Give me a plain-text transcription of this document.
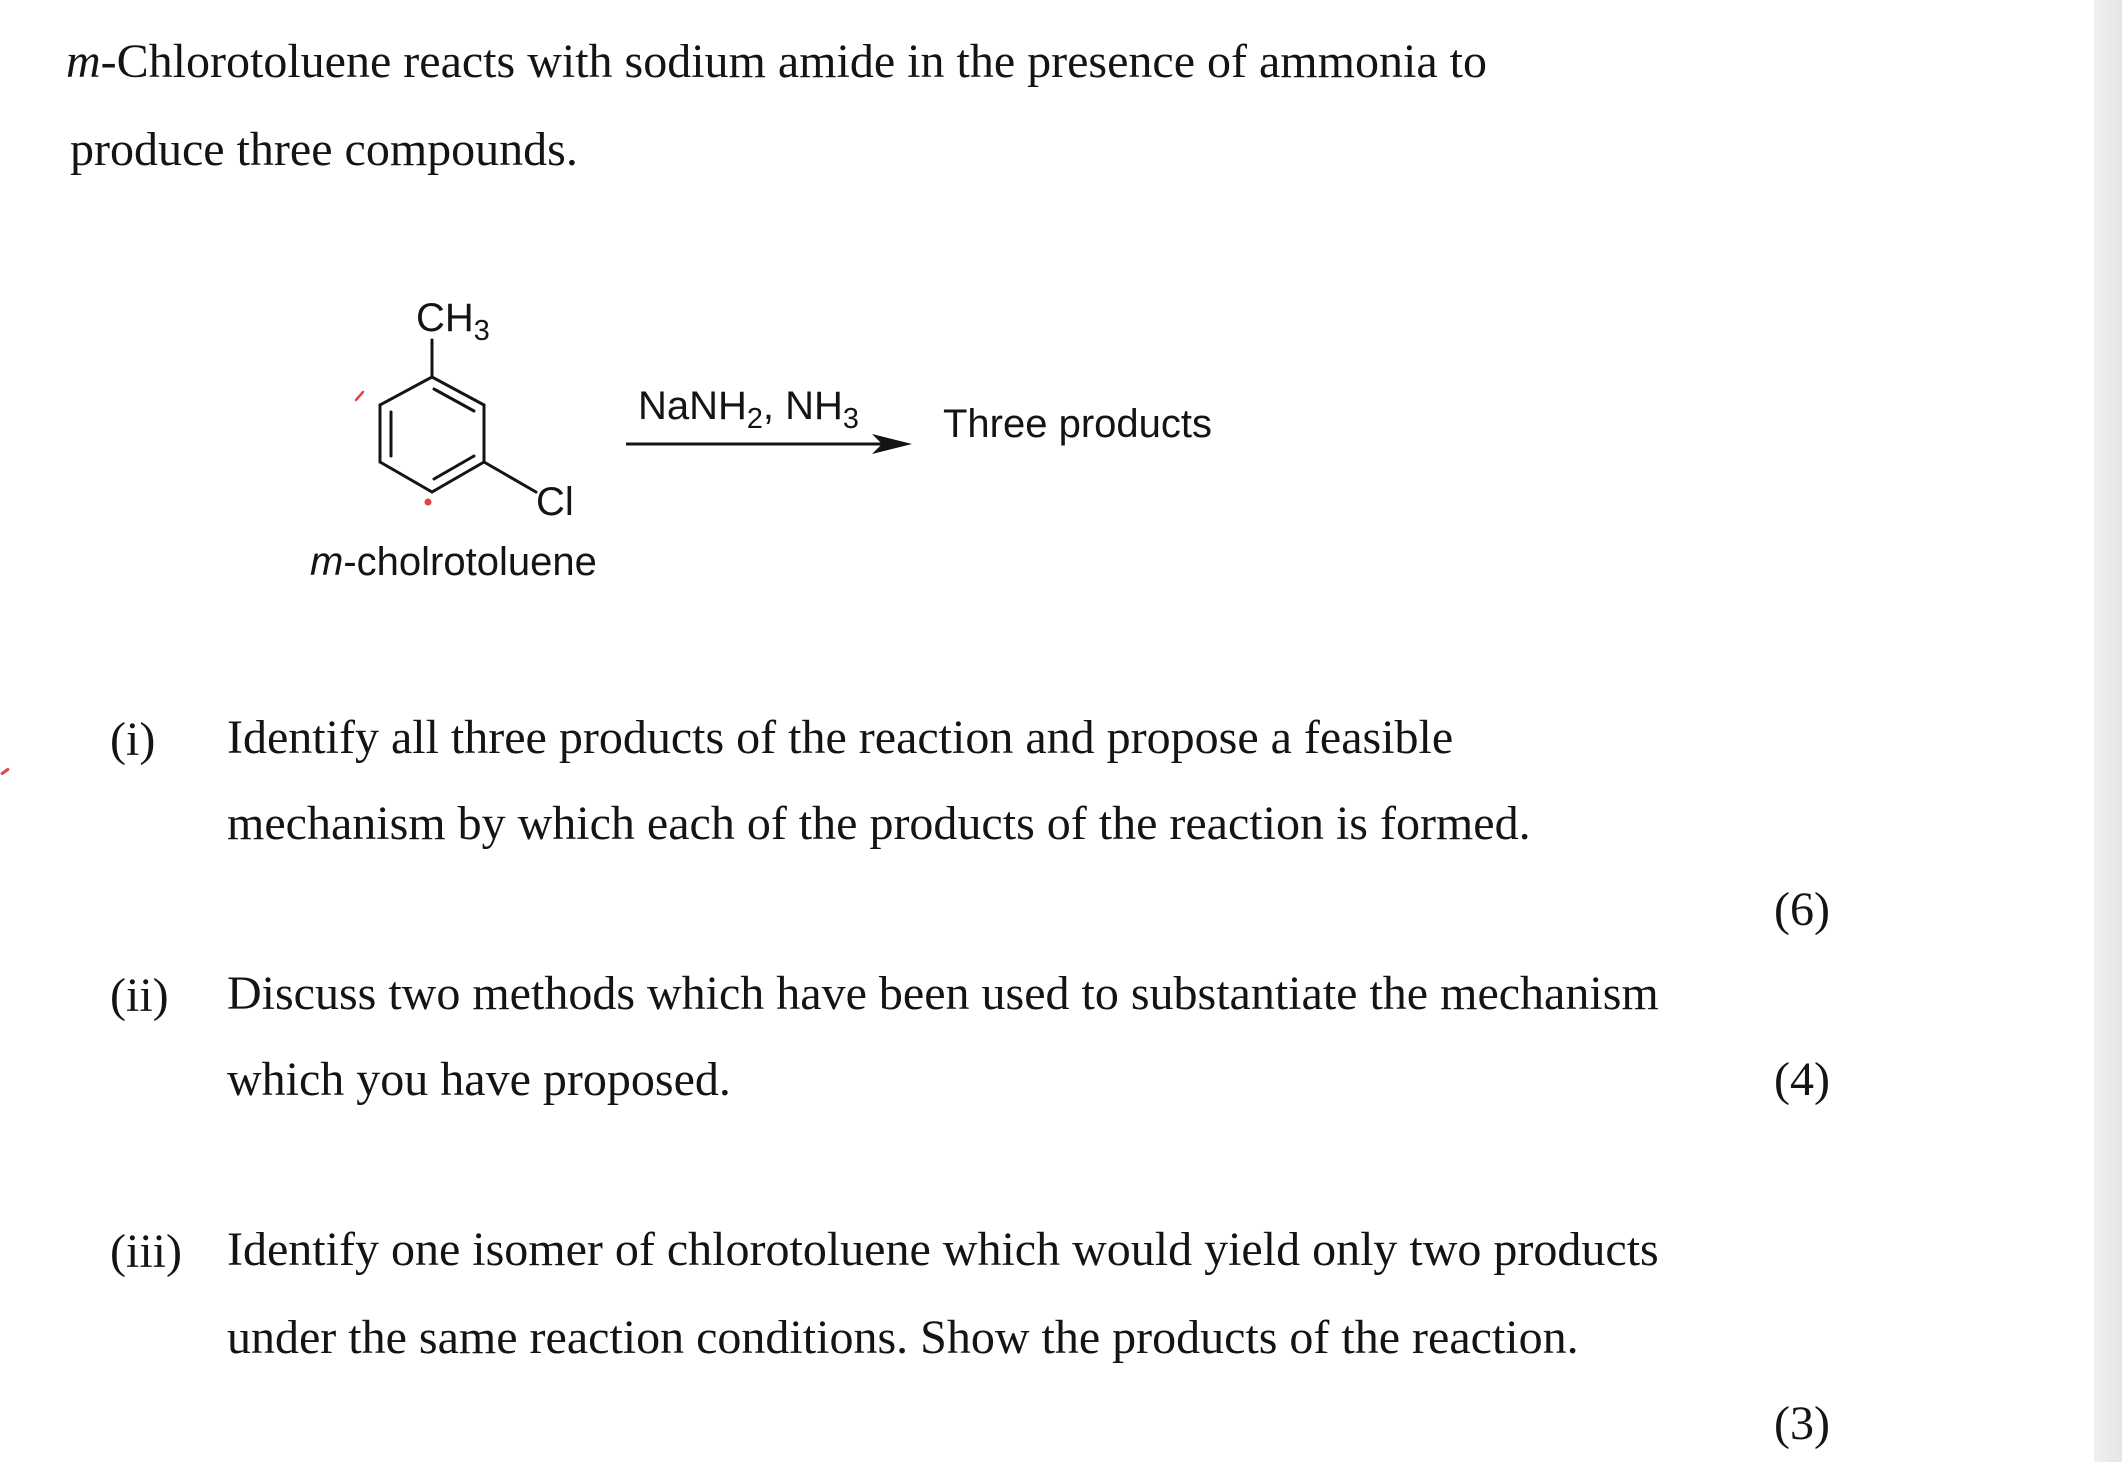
m-Chlorotoluene reacts with sodium amide in the presence of ammonia to
produce three compounds.
$CH_3$
Cl
NaNH$_2$, $NH_3$ Three products
m-cholrotoluene
(i) Identify all three products of the reaction and propose a feasible
mechanism by which each of the products of the reaction is formed.
(6)
(ii) Discuss two methods which have been used to substantiate the mechanism
which you have proposed.	(4)
(iii) Identify one isomer of chlorotoluene which would yield only two products
under the same reaction conditions. Show the products of the reaction.
(3)
